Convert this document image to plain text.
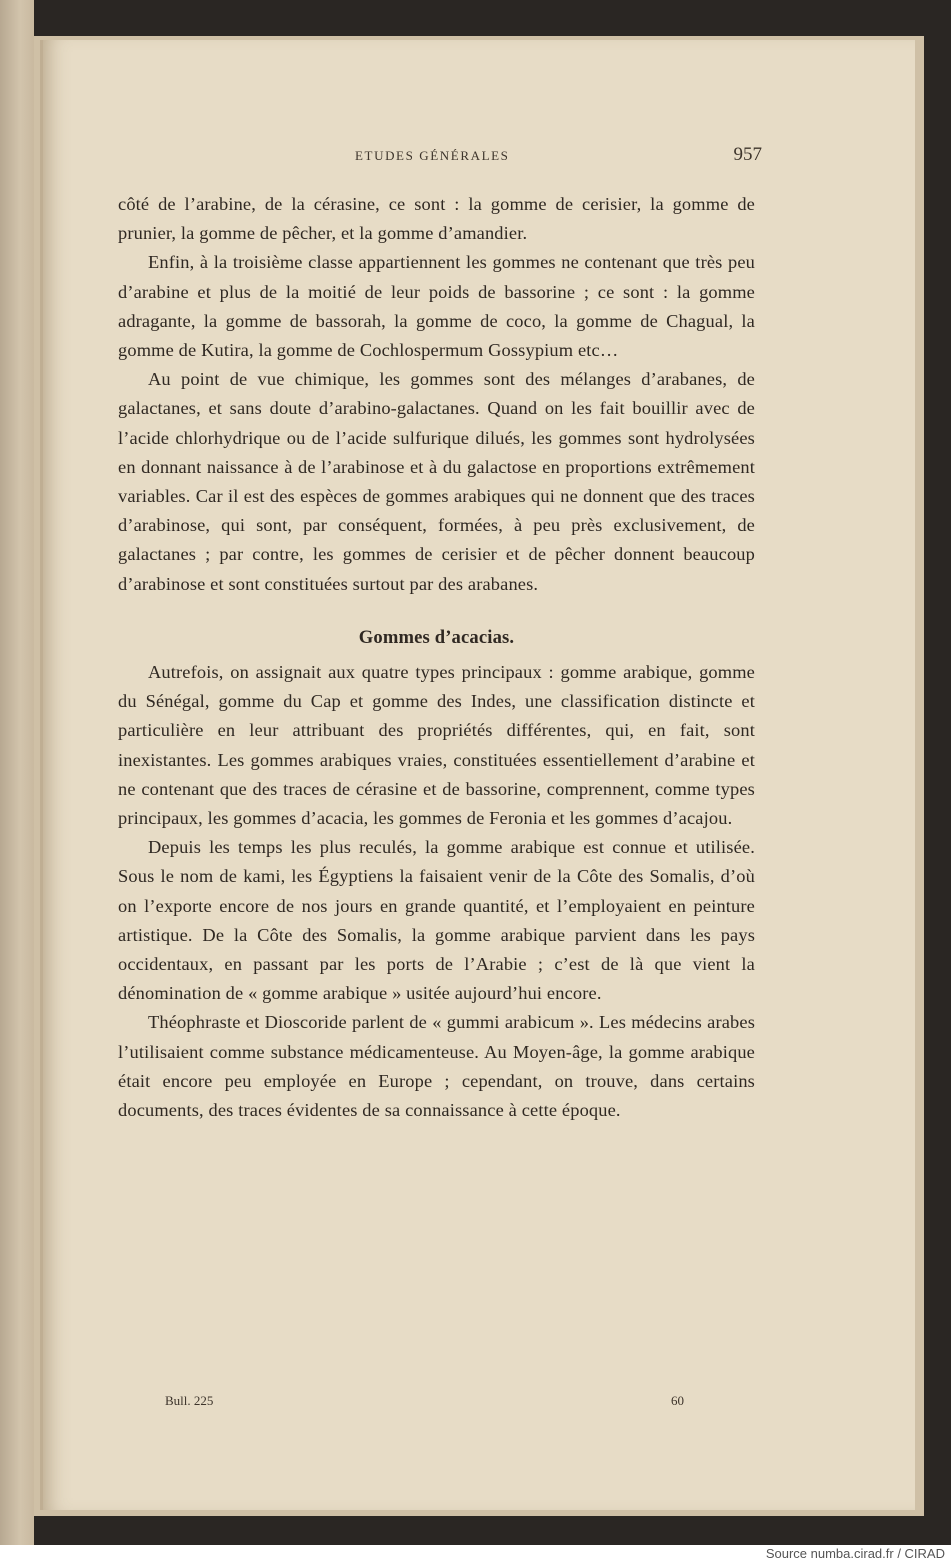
ETUDES GÉNÉRALES	957

côté de l’arabine, de la cérasine, ce sont : la gomme de cerisier, la gomme de prunier, la gomme de pêcher, et la gomme d’amandier.

Enfin, à la troisième classe appartiennent les gommes ne contenant que très peu d’arabine et plus de la moitié de leur poids de bassorine ; ce sont : la gomme adragante, la gomme de bassorah, la gomme de coco, la gomme de Chagual, la gomme de Kutira, la gomme de Cochlospermum Gossypium etc…

Au point de vue chimique, les gommes sont des mélanges d’arabanes, de galactanes, et sans doute d’arabino-galactanes. Quand on les fait bouillir avec de l’acide chlorhydrique ou de l’acide sulfurique dilués, les gommes sont hydrolysées en donnant naissance à de l’arabinose et à du galactose en proportions extrêmement variables. Car il est des espèces de gommes arabiques qui ne donnent que des traces d’arabinose, qui sont, par conséquent, formées, à peu près exclusivement, de galactanes ; par contre, les gommes de cerisier et de pêcher donnent beaucoup d’arabinose et sont constituées surtout par des arabanes.

Gommes d’acacias.

Autrefois, on assignait aux quatre types principaux : gomme arabique, gomme du Sénégal, gomme du Cap et gomme des Indes, une classification distincte et particulière en leur attribuant des propriétés différentes, qui, en fait, sont inexistantes. Les gommes arabiques vraies, constituées essentiellement d’arabine et ne contenant que des traces de cérasine et de bassorine, comprennent, comme types principaux, les gommes d’acacia, les gommes de Feronia et les gommes d’acajou.

Depuis les temps les plus reculés, la gomme arabique est connue et utilisée. Sous le nom de kami, les Égyptiens la faisaient venir de la Côte des Somalis, d’où on l’exporte encore de nos jours en grande quantité, et l’employaient en peinture artistique. De la Côte des Somalis, la gomme arabique parvient dans les pays occidentaux, en passant par les ports de l’Arabie ; c’est de là que vient la dénomination de « gomme arabique » usitée aujourd’hui encore.

Théophraste et Dioscoride parlent de « gummi arabicum ». Les médecins arabes l’utilisaient comme substance médicamenteuse. Au Moyen-âge, la gomme arabique était encore peu employée en Europe ; cependant, on trouve, dans certains documents, des traces évidentes de sa connaissance à cette époque.

Bull. 225	60
Source numba.cirad.fr / CIRAD
